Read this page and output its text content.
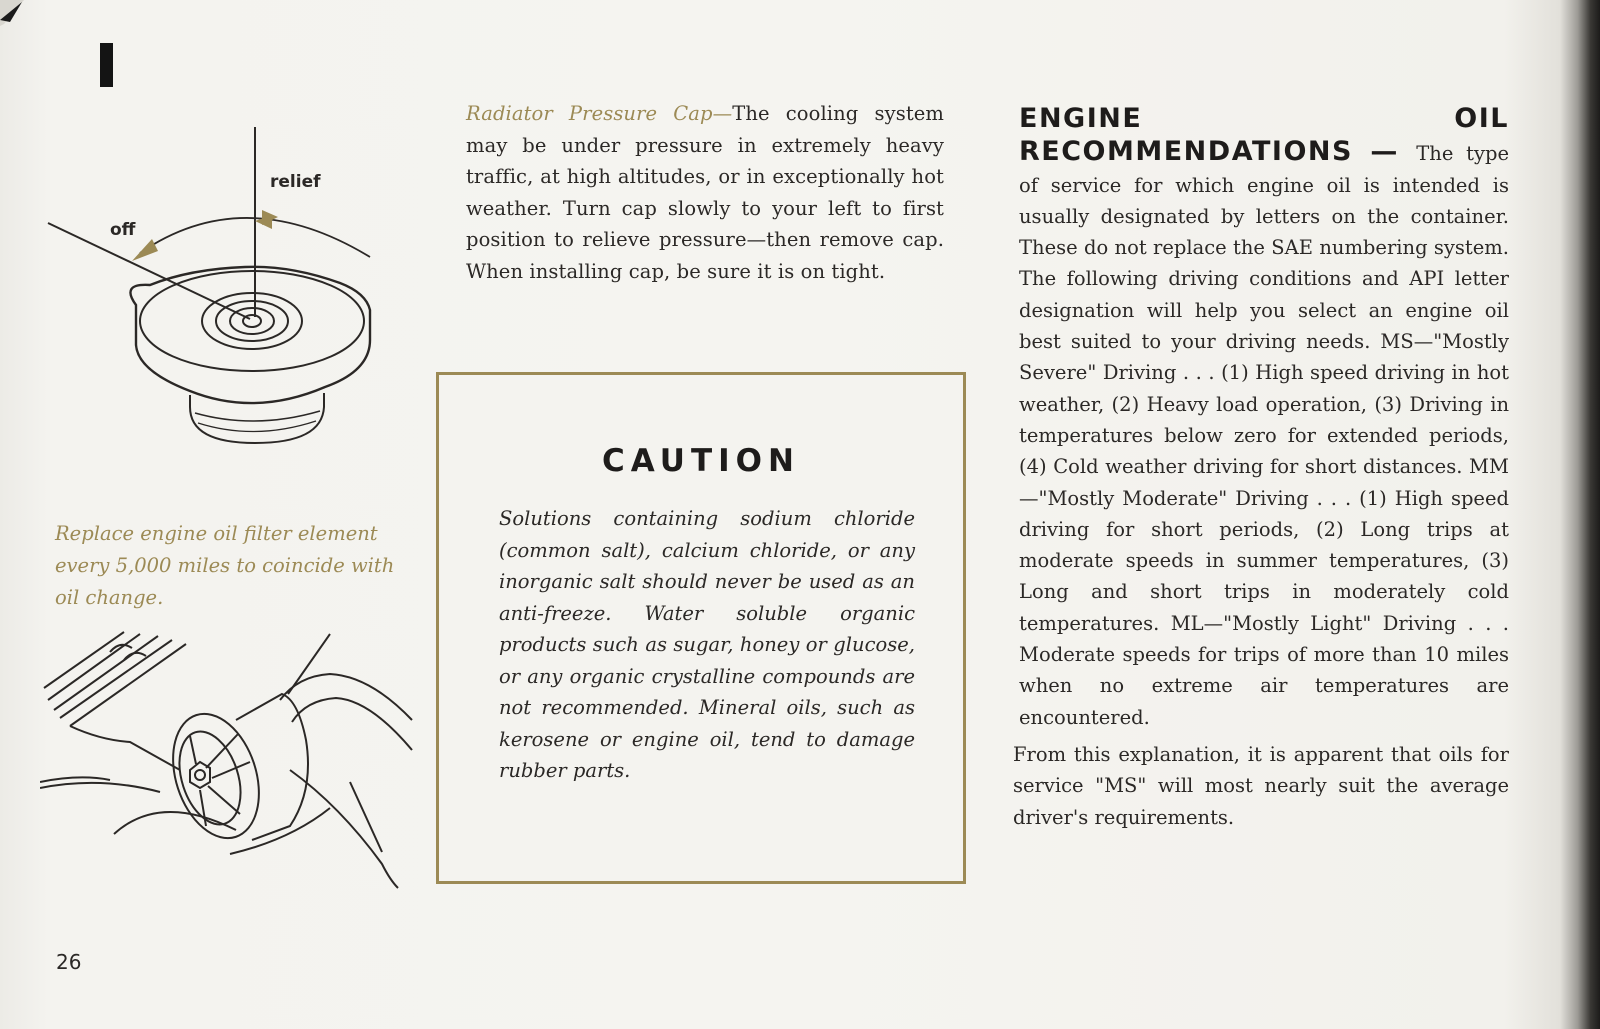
relief
off
Replace engine oil filter element every 5,000 miles to coincide with oil change.
Radiator Pressure Cap—The cooling system may be under pressure in extremely heavy traffic, at high altitudes, or in exceptionally hot weather. Turn cap slowly to your left to first position to relieve pressure—then remove cap. When installing cap, be sure it is on tight.
CAUTION
Solutions containing sodium chloride (common salt), calcium chloride, or any inorganic salt should never be used as an anti-freeze. Water soluble organic products such as sugar, honey or glucose, or any organic crystalline compounds are not recommended. Mineral oils, such as kerosene or engine oil, tend to damage rubber parts.

ENGINE OIL RECOMMENDATIONS — The type of service for which engine oil is intended is usually designated by letters on the container. These do not replace the SAE numbering system. The following driving conditions and API letter designation will help you select an engine oil best suited to your driving needs. MS—"Mostly Severe" Driving . . . (1) High speed driving in hot weather, (2) Heavy load operation, (3) Driving in temperatures below zero for extended periods, (4) Cold weather driving for short distances. MM—"Mostly Moderate" Driving . . . (1) High speed driving for short periods, (2) Long trips at moderate speeds in summer temperatures, (3) Long and short trips in moderately cold temperatures. ML—"Mostly Light" Driving . . . Moderate speeds for trips of more than 10 miles when no extreme air temperatures are encountered.

From this explanation, it is apparent that oils for service "MS" will most nearly suit the average driver's requirements.

26
